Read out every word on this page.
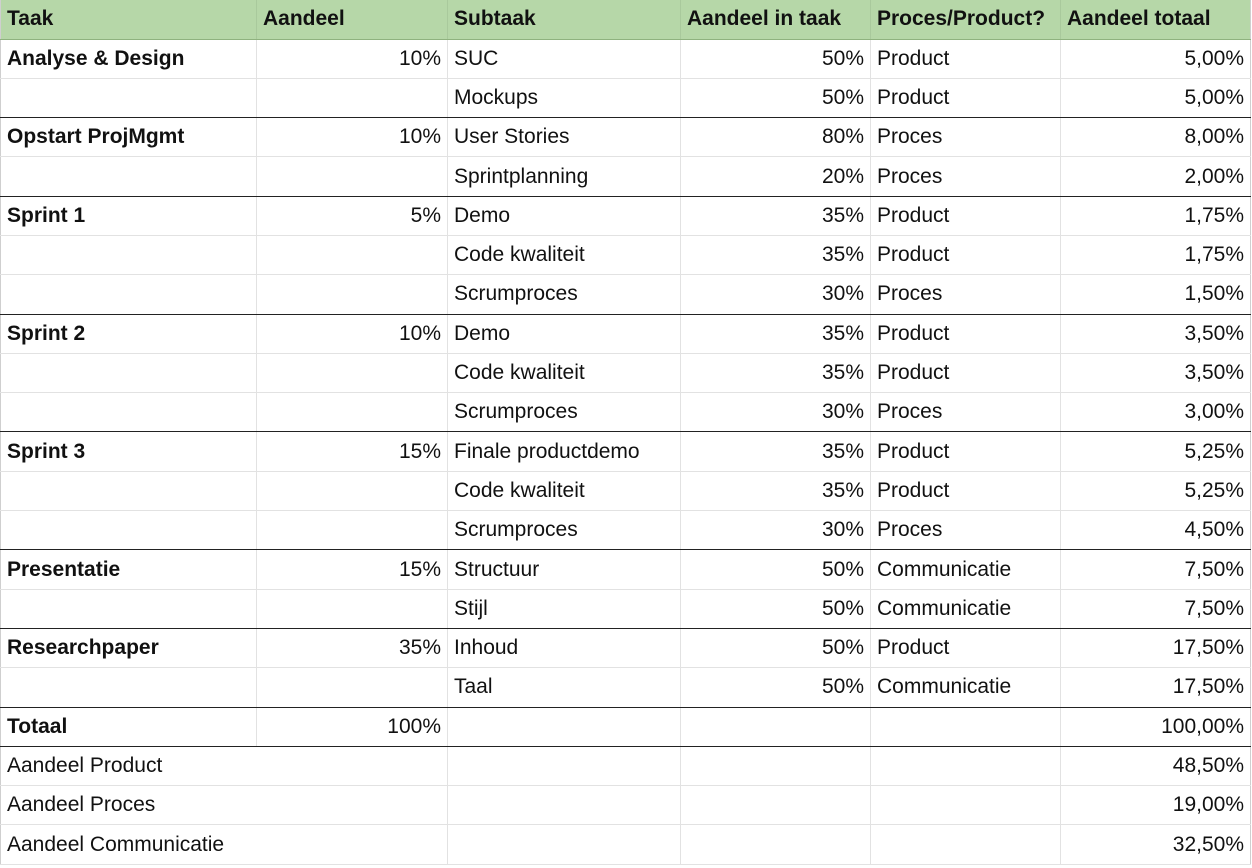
Taak	Aandeel	Subtaak	Aandeel in taak	Proces/Product?	Aandeel totaal
Analyse & Design	10%	SUC	50%	Product	5,00%
		Mockups	50%	Product	5,00%
Opstart ProjMgmt	10%	User Stories	80%	Proces	8,00%
		Sprintplanning	20%	Proces	2,00%
Sprint 1	5%	Demo	35%	Product	1,75%
		Code kwaliteit	35%	Product	1,75%
		Scrumproces	30%	Proces	1,50%
Sprint 2	10%	Demo	35%	Product	3,50%
		Code kwaliteit	35%	Product	3,50%
		Scrumproces	30%	Proces	3,00%
Sprint 3	15%	Finale productdemo	35%	Product	5,25%
		Code kwaliteit	35%	Product	5,25%
		Scrumproces	30%	Proces	4,50%
Presentatie	15%	Structuur	50%	Communicatie	7,50%
		Stijl	50%	Communicatie	7,50%
Researchpaper	35%	Inhoud	50%	Product	17,50%
		Taal	50%	Communicatie	17,50%
Totaal	100%				100,00%
Aandeel Product					48,50%
Aandeel Proces					19,00%
Aandeel Communicatie					32,50%
